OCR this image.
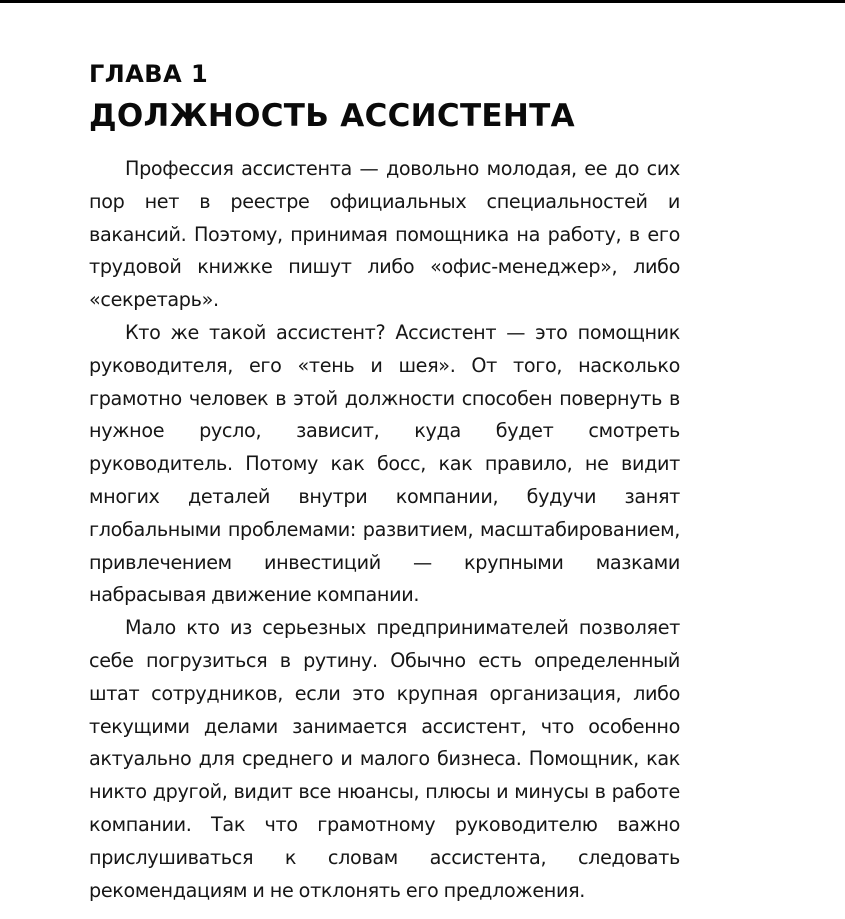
ГЛАВА 1
ДОЛЖНОСТЬ АССИСТЕНТА

Профессия ассистента — довольно молодая, ее до сих пор нет в реестре официальных специальностей и вакансий. Поэтому, принимая помощника на работу, в его трудовой книжке пишут либо «офис-менеджер», либо «секретарь».

Кто же такой ассистент? Ассистент — это помощник руководителя, его «тень и шея». От того, насколько грамотно человек в этой должности способен повернуть в нужное русло, зависит, куда будет смотреть руководитель. Потому как босс, как правило, не видит многих деталей внутри компании, будучи занят глобальными проблемами: развитием, масштабированием, привлечением инвестиций — крупными мазками набрасывая движение компании.

Мало кто из серьезных предпринимателей позволяет себе погрузиться в рутину. Обычно есть определенный штат сотрудников, если это крупная организация, либо текущими делами занимается ассистент, что особенно актуально для среднего и малого бизнеса. Помощник, как никто другой, видит все нюансы, плюсы и минусы в работе компании. Так что грамотному руководителю важно прислушиваться к словам ассистента, следовать рекомендациям и не отклонять его предложения.
